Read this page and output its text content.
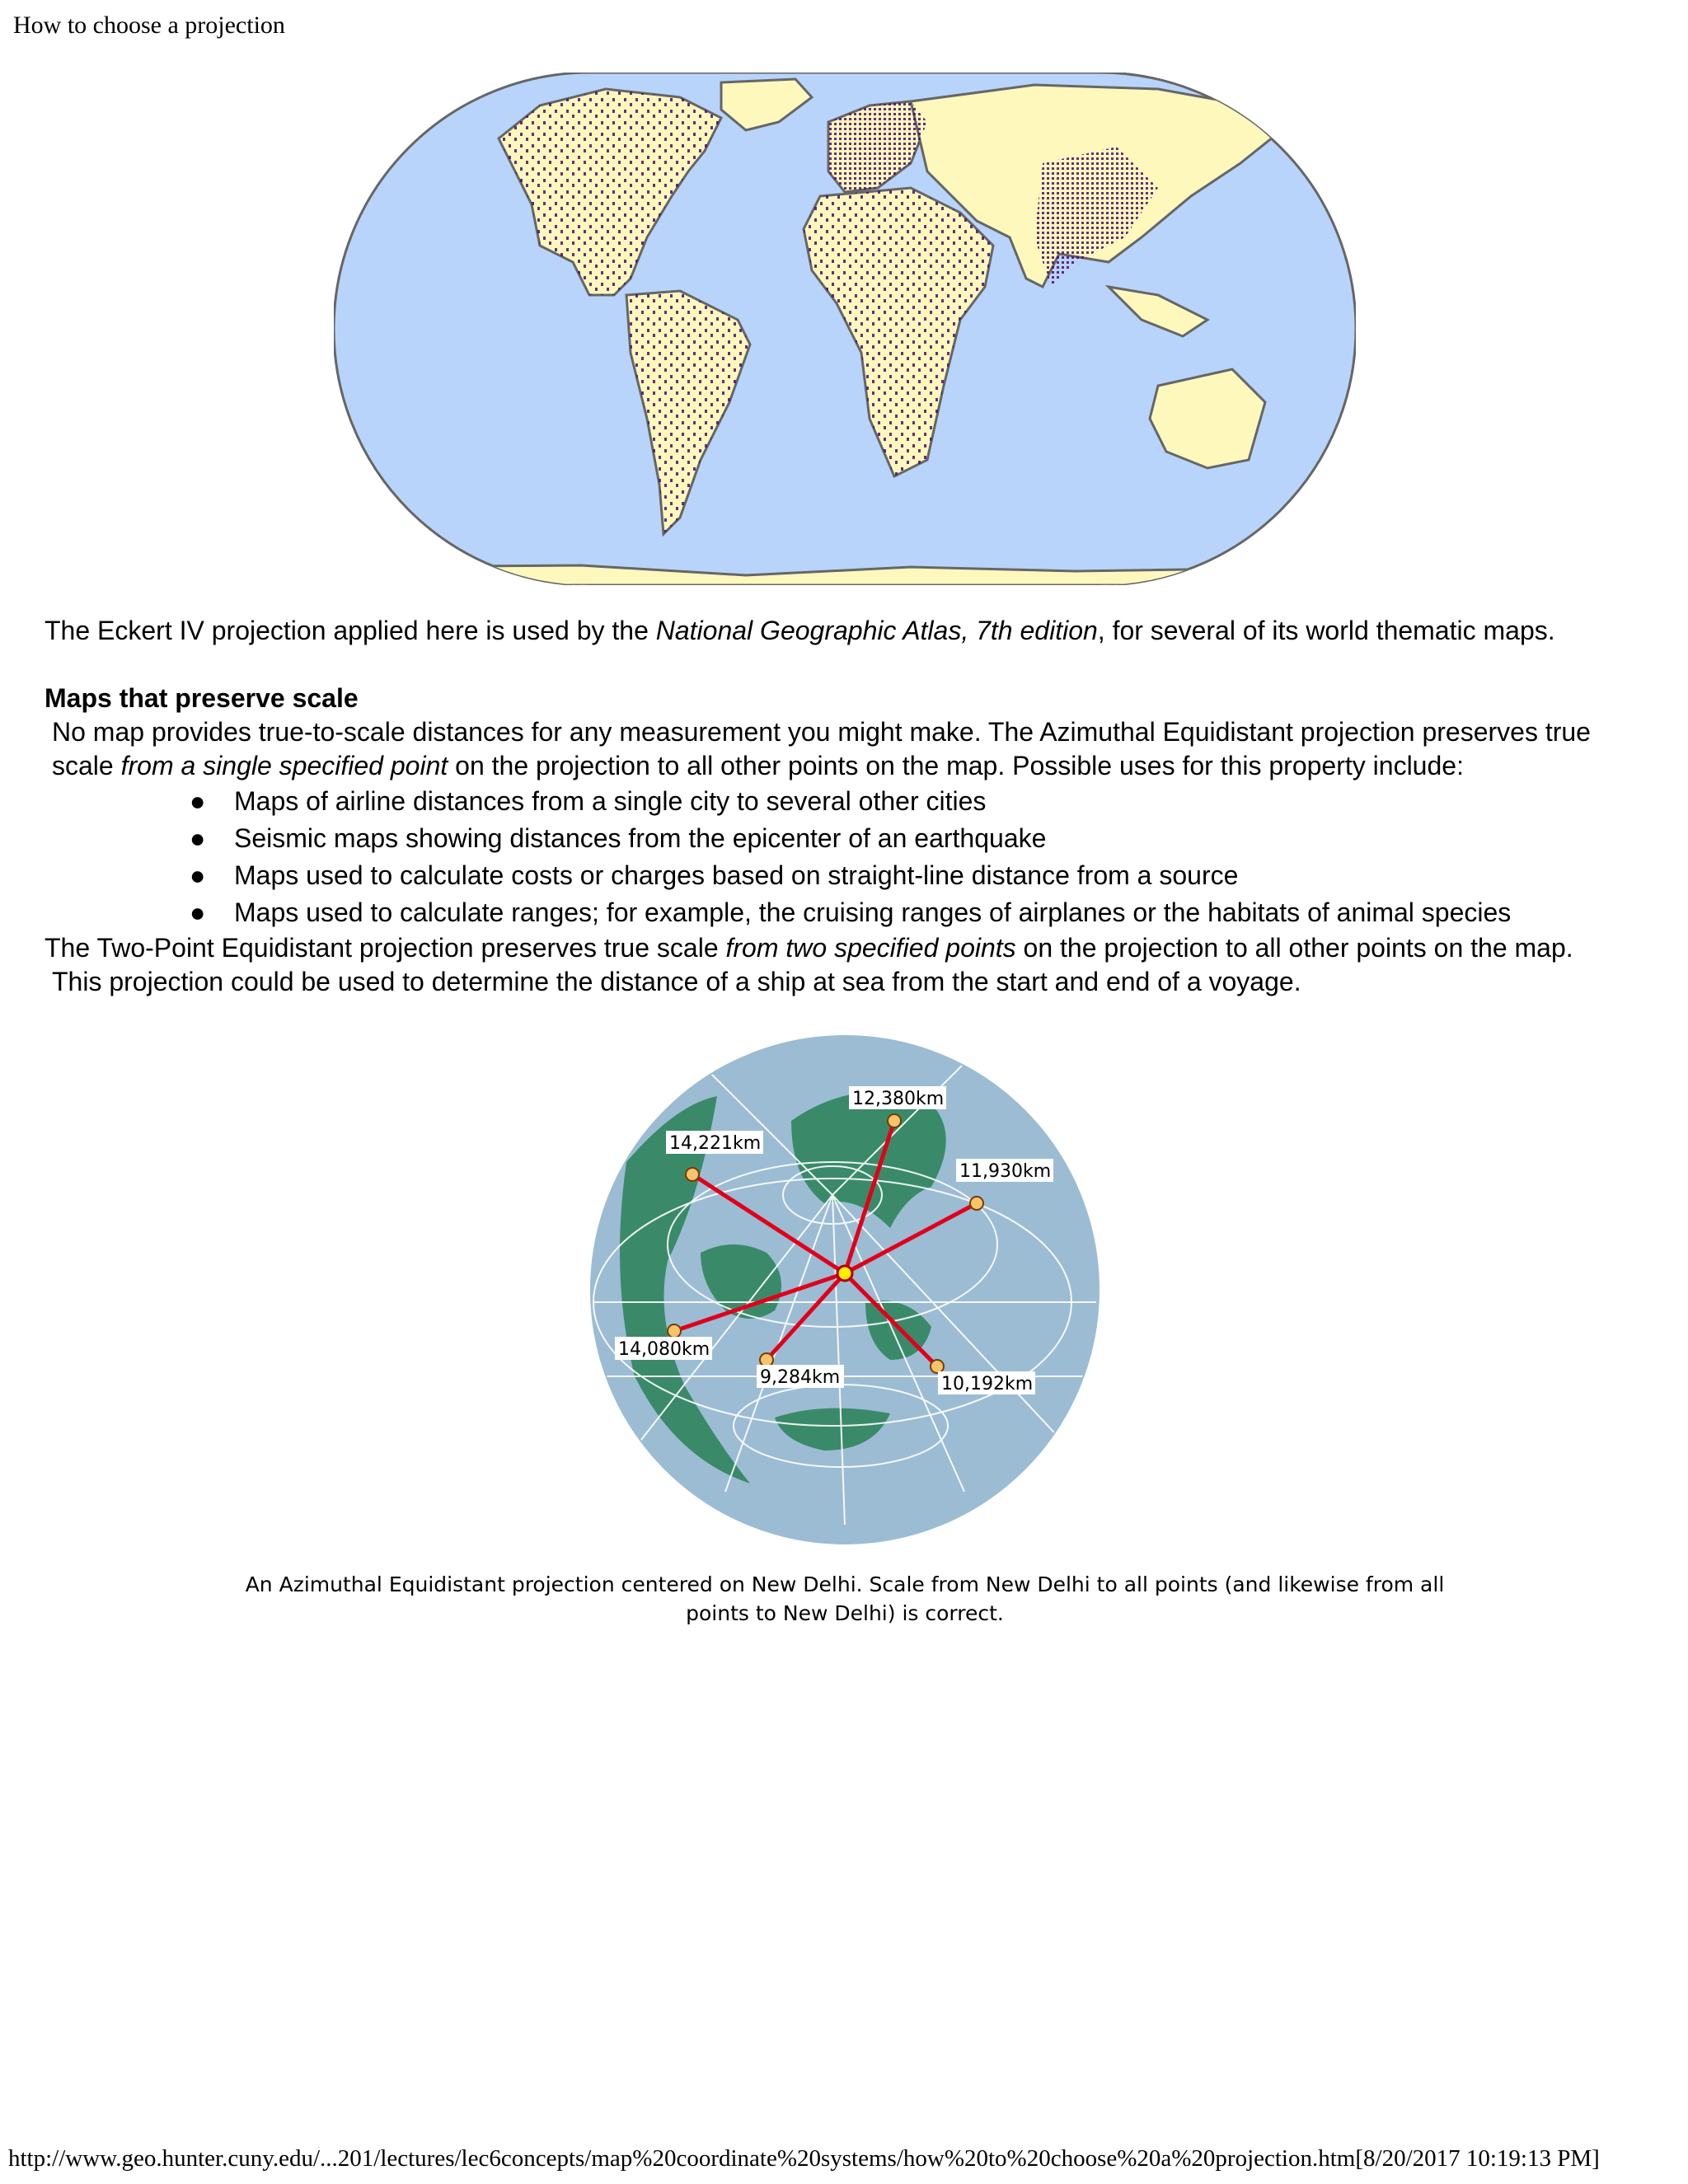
How to choose a projection

The Eckert IV projection applied here is used by the National Geographic Atlas, 7th edition, for several of its world thematic maps.

Maps that preserve scale

No map provides true-to-scale distances for any measurement you might make. The Azimuthal Equidistant projection preserves true scale from a single specified point on the projection to all other points on the map. Possible uses for this property include:

● Maps of airline distances from a single city to several other cities
● Seismic maps showing distances from the epicenter of an earthquake
● Maps used to calculate costs or charges based on straight-line distance from a source
● Maps used to calculate ranges; for example, the cruising ranges of airplanes or the habitats of animal species

The Two-Point Equidistant projection preserves true scale from two specified points on the projection to all other points on the map.

This projection could be used to determine the distance of a ship at sea from the start and end of a voyage.

12,380km
14,221km
11,930km
14,080km
9,284km	10,192km
An Azimuthal Equidistant projection centered on New Delhi. Scale from New Delhi to all points (and likewise from all points to New Delhi) is correct.
http://www.geo.hunter.cuny.edu/...201/lectures/lec6concepts/map%20coordinate%20systems/how%20to%20choose%20a%20projection.htm[8/20/2017 10:19:13 PM]
